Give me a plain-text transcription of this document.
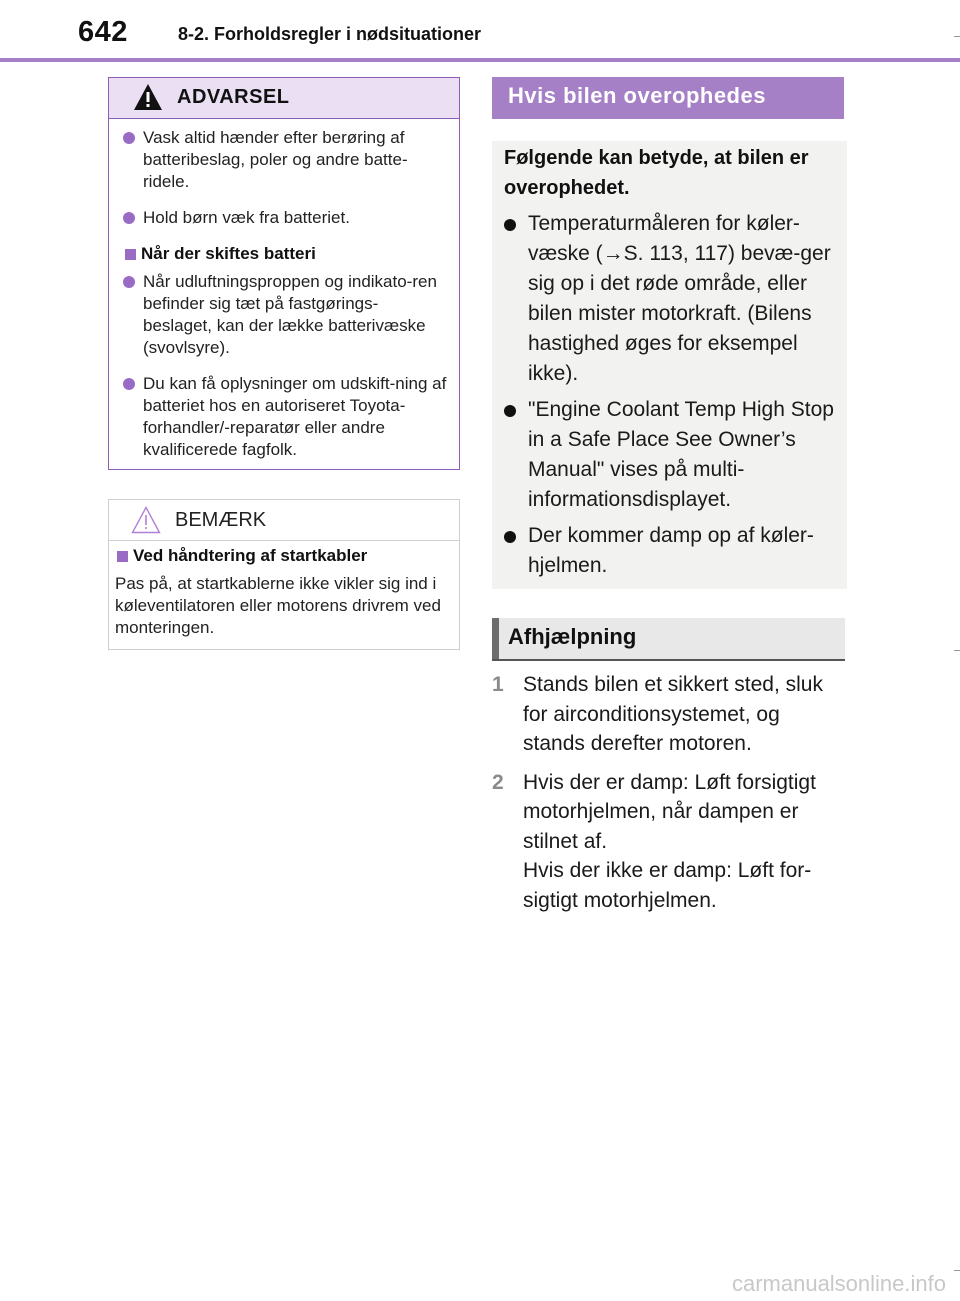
642	8-2. Forholdsregler i nødsituationer
ADVARSEL
Vask altid hænder efter berøring af batteribeslag, poler og andre batte-ridele.
Hold børn væk fra batteriet.
Når der skiftes batteri
Når udluftningsproppen og indikato-ren befinder sig tæt på fastgørings-beslaget, kan der lække batterivæske (svovlsyre).
Du kan få oplysninger om udskift-ning af batteriet hos en autoriseret Toyota-forhandler/-reparatør eller andre kvalificerede fagfolk.
BEMÆRK
Ved håndtering af startkabler
Pas på, at startkablerne ikke vikler sig ind i køleventilatoren eller motorens drivrem ved monteringen.
Hvis bilen overophedes
Følgende kan betyde, at bilen er overophedet.
Temperaturmåleren for køler-væske (→S. 113, 117) bevæ-ger sig op i det røde område, eller bilen mister motorkraft. (Bilens hastighed øges for eksempel ikke).
"Engine Coolant Temp High Stop in a Safe Place See Owner’s Manual" vises på multi-informationsdisplayet.
Der kommer damp op af køler-hjelmen.
Afhjælpning
1 Stands bilen et sikkert sted, sluk for airconditionsystemet, og stands derefter motoren.
2 Hvis der er damp: Løft forsigtigt motorhjelmen, når dampen er stilnet af.
Hvis der ikke er damp: Løft for-sigtigt motorhjelmen.
carmanualsonline.info
